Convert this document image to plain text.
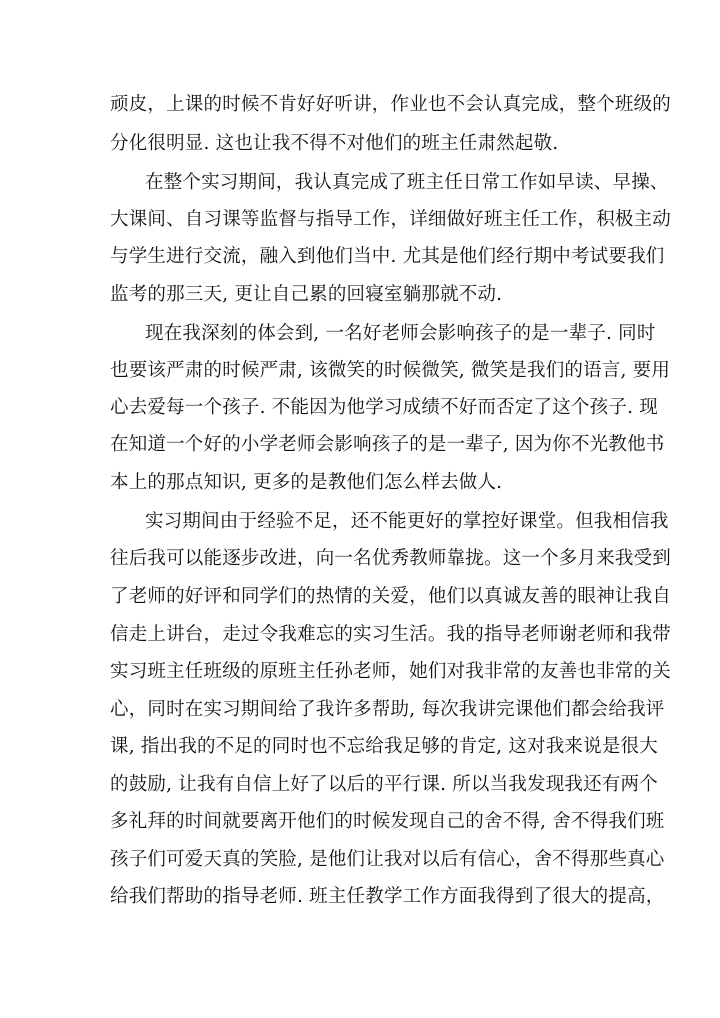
顽皮，上课的时候不肯好好听讲，作业也不会认真完成，整个班级的
分化很明显. 这也让我不得不对他们的班主任肃然起敬.
在整个实习期间，我认真完成了班主任日常工作如早读、早操、
大课间、自习课等监督与指导工作，详细做好班主任工作，积极主动
与学生进行交流，融入到他们当中. 尤其是他们经行期中考试要我们
监考的那三天, 更让自己累的回寝室躺那就不动.
现在我深刻的体会到, 一名好老师会影响孩子的是一辈子. 同时
也要该严肃的时候严肃, 该微笑的时候微笑, 微笑是我们的语言, 要用
心去爱每一个孩子. 不能因为他学习成绩不好而否定了这个孩子. 现
在知道一个好的小学老师会影响孩子的是一辈子, 因为你不光教他书
本上的那点知识, 更多的是教他们怎么样去做人.
实习期间由于经验不足，还不能更好的掌控好课堂。但我相信我
往后我可以能逐步改进，向一名优秀教师靠拢。这一个多月来我受到
了老师的好评和同学们的热情的关爱，他们以真诚友善的眼神让我自
信走上讲台，走过令我难忘的实习生活。我的指导老师谢老师和我带
实习班主任班级的原班主任孙老师，她们对我非常的友善也非常的关
心，同时在实习期间给了我许多帮助, 每次我讲完课他们都会给我评
课, 指出我的不足的同时也不忘给我足够的肯定, 这对我来说是很大
的鼓励, 让我有自信上好了以后的平行课. 所以当我发现我还有两个
多礼拜的时间就要离开他们的时候发现自己的舍不得, 舍不得我们班
孩子们可爱天真的笑脸, 是他们让我对以后有信心，舍不得那些真心
给我们帮助的指导老师. 班主任教学工作方面我得到了很大的提高，
